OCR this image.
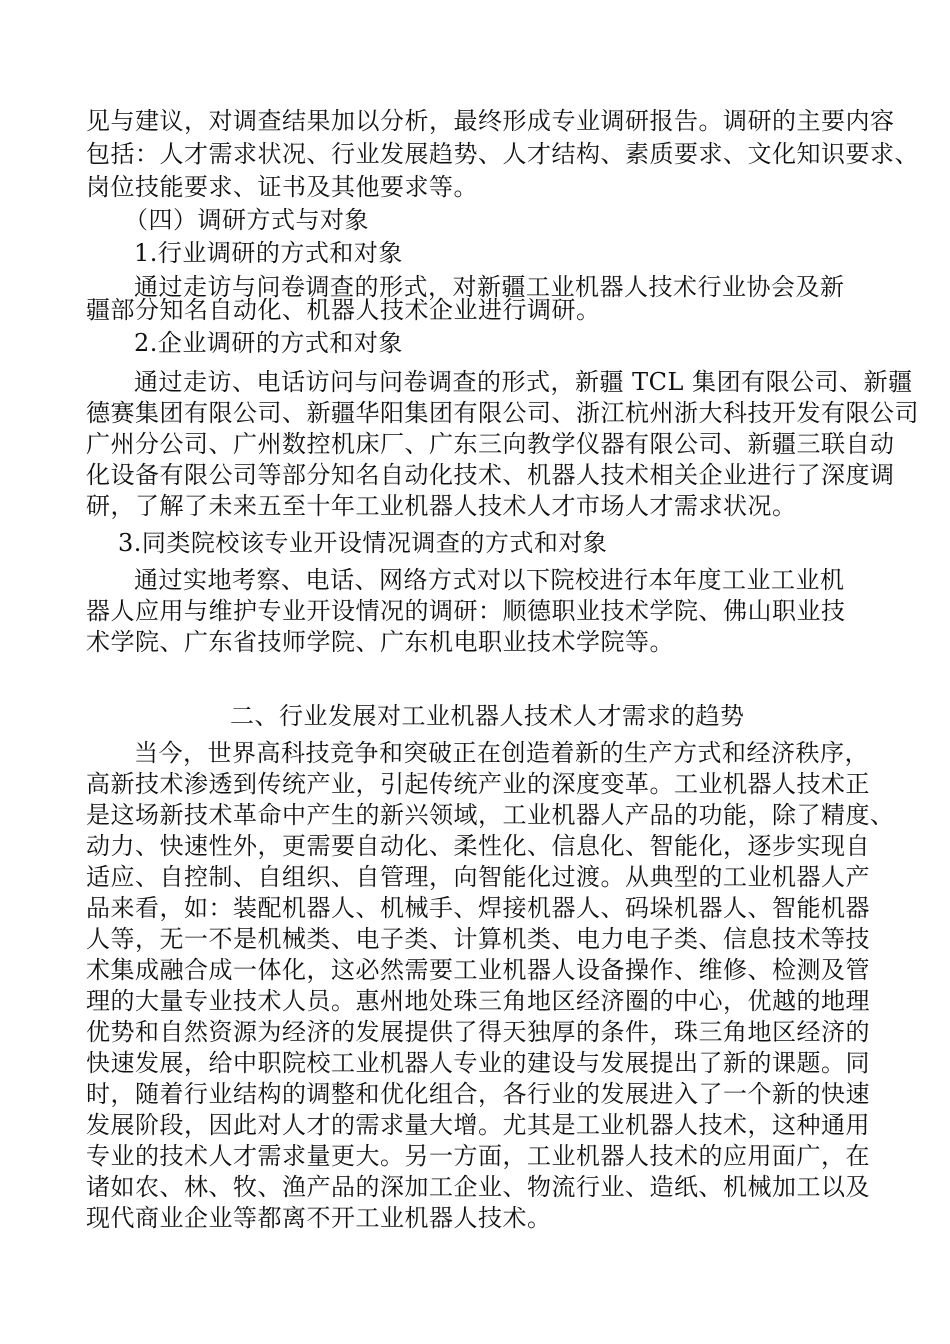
见与建议，对调查结果加以分析，最终形成专业调研报告。调研的主要内容
包括：人才需求状况、行业发展趋势、人才结构、素质要求、文化知识要求、
岗位技能要求、证书及其他要求等。
（四）调研方式与对象
1.行业调研的方式和对象
通过走访与问卷调查的形式，对新疆工业机器人技术行业协会及新
疆部分知名自动化、机器人技术企业进行调研。
2.企业调研的方式和对象
通过走访、电话访问与问卷调查的形式，新疆 TCL 集团有限公司、新疆
德赛集团有限公司、新疆华阳集团有限公司、浙江杭州浙大科技开发有限公司
广州分公司、广州数控机床厂、广东三向教学仪器有限公司、新疆三联自动
化设备有限公司等部分知名自动化技术、机器人技术相关企业进行了深度调
研，了解了未来五至十年工业机器人技术人才市场人才需求状况。
3.同类院校该专业开设情况调查的方式和对象
通过实地考察、电话、网络方式对以下院校进行本年度工业工业机
器人应用与维护专业开设情况的调研：顺德职业技术学院、佛山职业技
术学院、广东省技师学院、广东机电职业技术学院等。
二、行业发展对工业机器人技术人才需求的趋势
当今，世界高科技竞争和突破正在创造着新的生产方式和经济秩序，
高新技术渗透到传统产业，引起传统产业的深度变革。工业机器人技术正
是这场新技术革命中产生的新兴领域，工业机器人产品的功能，除了精度、
动力、快速性外，更需要自动化、柔性化、信息化、智能化，逐步实现自
适应、自控制、自组织、自管理，向智能化过渡。从典型的工业机器人产
品来看，如：装配机器人、机械手、焊接机器人、码垛机器人、智能机器
人等，无一不是机械类、电子类、计算机类、电力电子类、信息技术等技
术集成融合成一体化，这必然需要工业机器人设备操作、维修、检测及管
理的大量专业技术人员。惠州地处珠三角地区经济圈的中心，优越的地理
优势和自然资源为经济的发展提供了得天独厚的条件，珠三角地区经济的
快速发展，给中职院校工业机器人专业的建设与发展提出了新的课题。同
时，随着行业结构的调整和优化组合，各行业的发展进入了一个新的快速
发展阶段，因此对人才的需求量大增。尤其是工业机器人技术，这种通用
专业的技术人才需求量更大。另一方面，工业机器人技术的应用面广，在
诸如农、林、牧、渔产品的深加工企业、物流行业、造纸、机械加工以及
现代商业企业等都离不开工业机器人技术。
